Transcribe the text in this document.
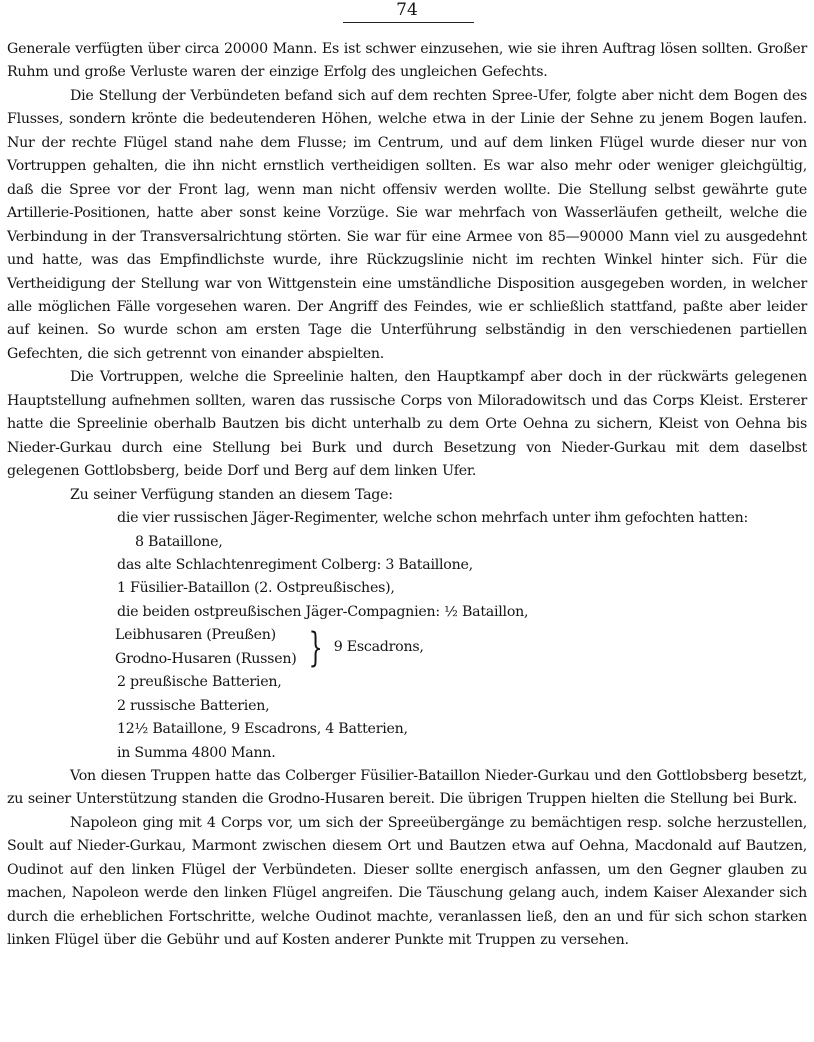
74

Generale verfügten über circa 20000 Mann. Es ist schwer einzusehen, wie sie ihren Auftrag lösen sollten. Großer Ruhm und große Verluste waren der einzige Erfolg des ungleichen Gefechts.

Die Stellung der Verbündeten befand sich auf dem rechten Spree-Ufer, folgte aber nicht dem Bogen des Flusses, sondern krönte die bedeutenderen Höhen, welche etwa in der Linie der Sehne zu jenem Bogen laufen. Nur der rechte Flügel stand nahe dem Flusse; im Centrum, und auf dem linken Flügel wurde dieser nur von Vortruppen gehalten, die ihn nicht ernstlich vertheidigen sollten. Es war also mehr oder weniger gleichgültig, daß die Spree vor der Front lag, wenn man nicht offensiv werden wollte. Die Stellung selbst gewährte gute Artillerie-Positionen, hatte aber sonst keine Vorzüge. Sie war mehrfach von Wasserläufen getheilt, welche die Verbindung in der Transversalrichtung störten. Sie war für eine Armee von 85—90000 Mann viel zu ausgedehnt und hatte, was das Empfindlichste wurde, ihre Rückzugslinie nicht im rechten Winkel hinter sich. Für die Vertheidigung der Stellung war von Wittgenstein eine umständliche Disposition ausgegeben worden, in welcher alle möglichen Fälle vorgesehen waren. Der Angriff des Feindes, wie er schließlich stattfand, paßte aber leider auf keinen. So wurde schon am ersten Tage die Unterführung selbständig in den verschiedenen partiellen Gefechten, die sich getrennt von einander abspielten.

Die Vortruppen, welche die Spreelinie halten, den Hauptkampf aber doch in der rückwärts gelegenen Hauptstellung aufnehmen sollten, waren das russische Corps von Miloradowitsch und das Corps Kleist. Ersterer hatte die Spreelinie oberhalb Bautzen bis dicht unterhalb zu dem Orte Oehna zu sichern, Kleist von Oehna bis Nieder-Gurkau durch eine Stellung bei Burk und durch Besetzung von Nieder-Gurkau mit dem daselbst gelegenen Gottlobsberg, beide Dorf und Berg auf dem linken Ufer.

Zu seiner Verfügung standen an diesem Tage:

die vier russischen Jäger-Regimenter, welche schon mehrfach unter ihm gefochten hatten:
8 Bataillone,
das alte Schlachtenregiment Colberg: 3 Bataillone,
1 Füsilier-Bataillon (2. Ostpreußisches),
die beiden ostpreußischen Jäger-Compagnien: ½ Bataillon,
Leibhusaren (Preußen)
Grodno-Husaren (Russen) } 9 Escadrons,
2 preußische Batterien,
2 russische Batterien,
12½ Bataillone, 9 Escadrons, 4 Batterien,
in Summa 4800 Mann.

Von diesen Truppen hatte das Colberger Füsilier-Bataillon Nieder-Gurkau und den Gottlobsberg besetzt, zu seiner Unterstützung standen die Grodno-Husaren bereit. Die übrigen Truppen hielten die Stellung bei Burk.

Napoleon ging mit 4 Corps vor, um sich der Spreeübergänge zu bemächtigen resp. solche herzustellen, Soult auf Nieder-Gurkau, Marmont zwischen diesem Ort und Bautzen etwa auf Oehna, Macdonald auf Bautzen, Oudinot auf den linken Flügel der Verbündeten. Dieser sollte energisch anfassen, um den Gegner glauben zu machen, Napoleon werde den linken Flügel angreifen. Die Täuschung gelang auch, indem Kaiser Alexander sich durch die erheblichen Fortschritte, welche Oudinot machte, veranlassen ließ, den an und für sich schon starken linken Flügel über die Gebühr und auf Kosten anderer Punkte mit Truppen zu versehen.
